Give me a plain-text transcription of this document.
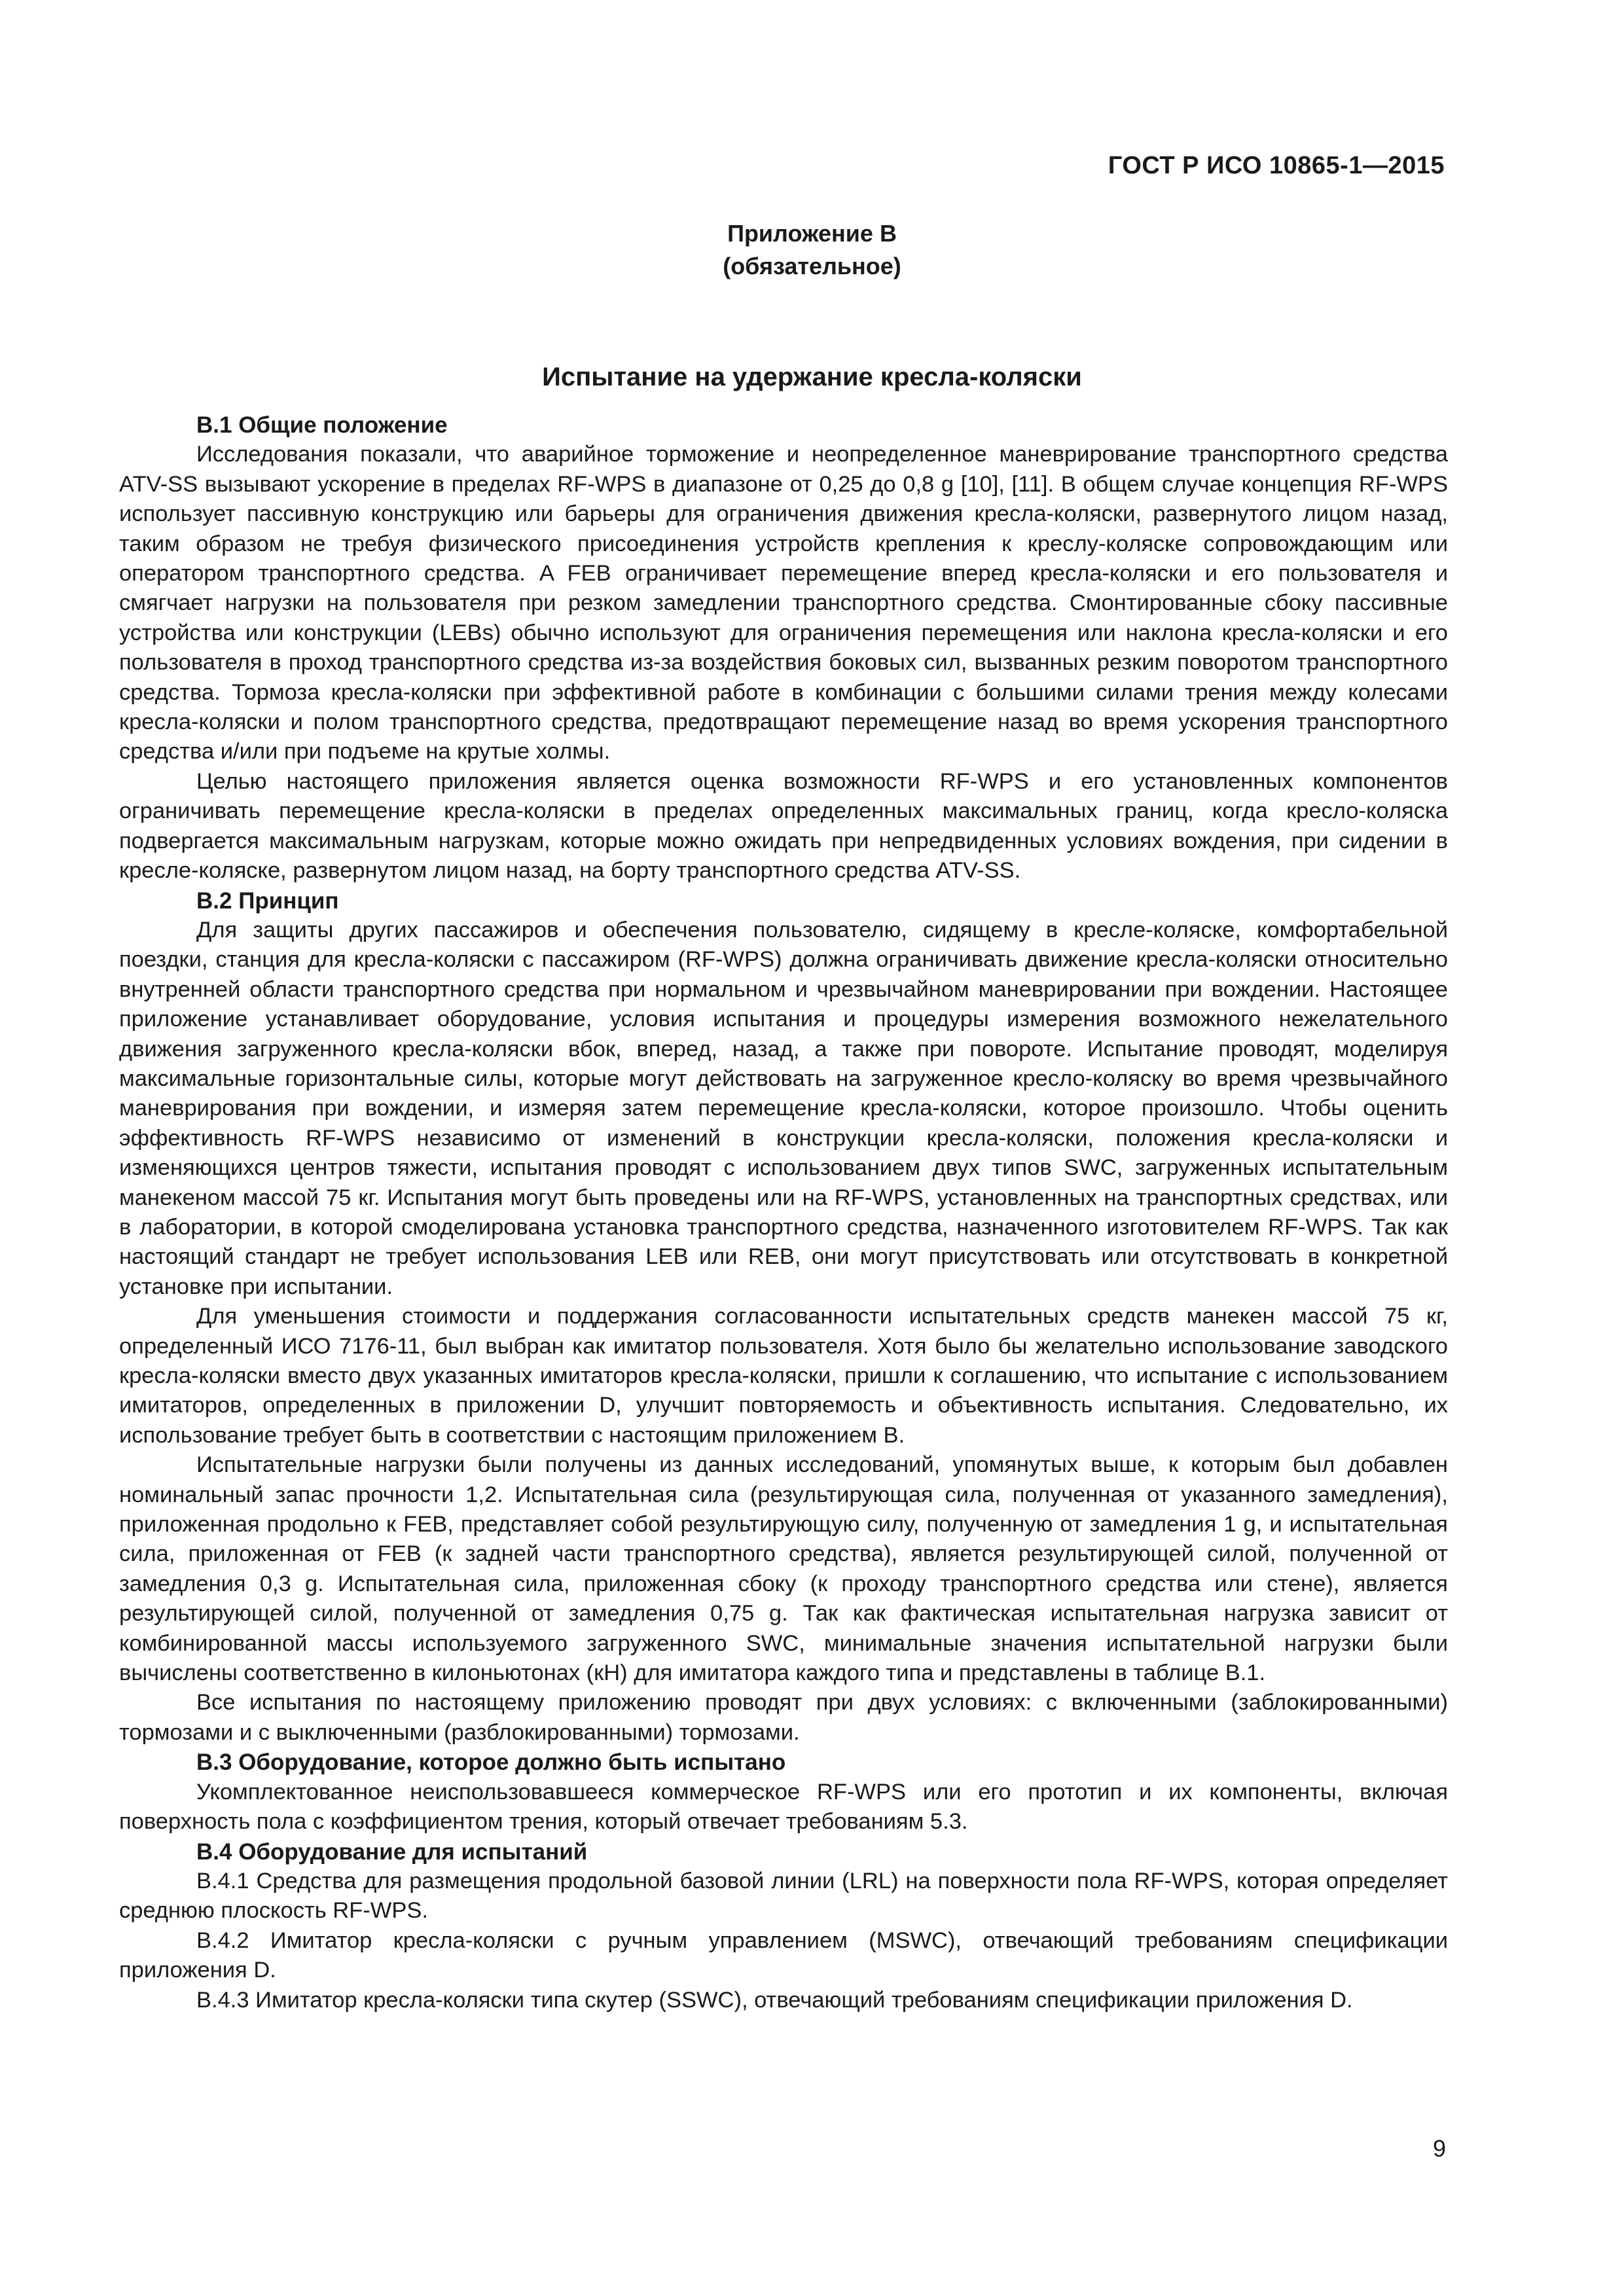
ГОСТ Р ИСО 10865-1—2015
Приложение В
(обязательное)
Испытание на удержание кресла-коляски
В.1 Общие положение

Исследования показали, что аварийное торможение и неопределенное маневрирование транспортного средства ATV-SS вызывают ускорение в пределах RF-WPS в диапазоне от 0,25 до 0,8 g [10], [11]. В общем случае концепция RF-WPS использует пассивную конструкцию или барьеры для ограничения движения кресла-коляски, развернутого лицом назад, таким образом не требуя физического присоединения устройств крепления к креслу-коляске сопровождающим или оператором транспортного средства. A FEB ограничивает перемещение вперед кресла-коляски и его пользователя и смягчает нагрузки на пользователя при резком замедлении транспортного средства. Смонтированные сбоку пассивные устройства или конструкции (LEBs) обычно используют для ограничения перемещения или наклона кресла-коляски и его пользователя в проход транспортного средства из-за воздействия боковых сил, вызванных резким поворотом транспортного средства. Тормоза кресла-коляски при эффективной работе в комбинации с большими силами трения между колесами кресла-коляски и полом транспортного средства, предотвращают перемещение назад во время ускорения транспортного средства и/или при подъеме на крутые холмы.

Целью настоящего приложения является оценка возможности RF-WPS и его установленных компонентов ограничивать перемещение кресла-коляски в пределах определенных максимальных границ, когда кресло-коляска подвергается максимальным нагрузкам, которые можно ожидать при непредвиденных условиях вождения, при сидении в кресле-коляске, развернутом лицом назад, на борту транспортного средства ATV-SS.

В.2 Принцип

Для защиты других пассажиров и обеспечения пользователю, сидящему в кресле-коляске, комфортабельной поездки, станция для кресла-коляски с пассажиром (RF-WPS) должна ограничивать движение кресла-коляски относительно внутренней области транспортного средства при нормальном и чрезвычайном маневрировании при вождении. Настоящее приложение устанавливает оборудование, условия испытания и процедуры измерения возможного нежелательного движения загруженного кресла-коляски вбок, вперед, назад, а также при повороте. Испытание проводят, моделируя максимальные горизонтальные силы, которые могут действовать на загруженное кресло-коляску во время чрезвычайного маневрирования при вождении, и измеряя затем перемещение кресла-коляски, которое произошло. Чтобы оценить эффективность RF-WPS независимо от изменений в конструкции кресла-коляски, положения кресла-коляски и изменяющихся центров тяжести, испытания проводят с использованием двух типов SWC, загруженных испытательным манекеном массой 75 кг. Испытания могут быть проведены или на RF-WPS, установленных на транспортных средствах, или в лаборатории, в которой смоделирована установка транспортного средства, назначенного изготовителем RF-WPS. Так как настоящий стандарт не требует использования LEB или REB, они могут присутствовать или отсутствовать в конкретной установке при испытании.

Для уменьшения стоимости и поддержания согласованности испытательных средств манекен массой 75 кг, определенный ИСО 7176-11, был выбран как имитатор пользователя. Хотя было бы желательно использование заводского кресла-коляски вместо двух указанных имитаторов кресла-коляски, пришли к соглашению, что испытание с использованием имитаторов, определенных в приложении D, улучшит повторяемость и объективность испытания. Следовательно, их использование требует быть в соответствии с настоящим приложением В.

Испытательные нагрузки были получены из данных исследований, упомянутых выше, к которым был добавлен номинальный запас прочности 1,2. Испытательная сила (результирующая сила, полученная от указанного замедления), приложенная продольно к FEB, представляет собой результирующую силу, полученную от замедления 1 g, и испытательная сила, приложенная от FEB (к задней части транспортного средства), является результирующей силой, полученной от замедления 0,3 g. Испытательная сила, приложенная сбоку (к проходу транспортного средства или стене), является результирующей силой, полученной от замедления 0,75 g. Так как фактическая испытательная нагрузка зависит от комбинированной массы используемого загруженного SWC, минимальные значения испытательной нагрузки были вычислены соответственно в килоньютонах (кН) для имитатора каждого типа и представлены в таблице В.1.

Все испытания по настоящему приложению проводят при двух условиях: с включенными (заблокированными) тормозами и с выключенными (разблокированными) тормозами.

В.3 Оборудование, которое должно быть испытано

Укомплектованное неиспользовавшееся коммерческое RF-WPS или его прототип и их компоненты, включая поверхность пола с коэффициентом трения, который отвечает требованиям 5.3.

В.4 Оборудование для испытаний

В.4.1 Средства для размещения продольной базовой линии (LRL) на поверхности пола RF-WPS, которая определяет среднюю плоскость RF-WPS.

В.4.2 Имитатор кресла-коляски с ручным управлением (MSWC), отвечающий требованиям спецификации приложения D.

В.4.3 Имитатор кресла-коляски типа скутер (SSWC), отвечающий требованиям спецификации приложения D.

9
